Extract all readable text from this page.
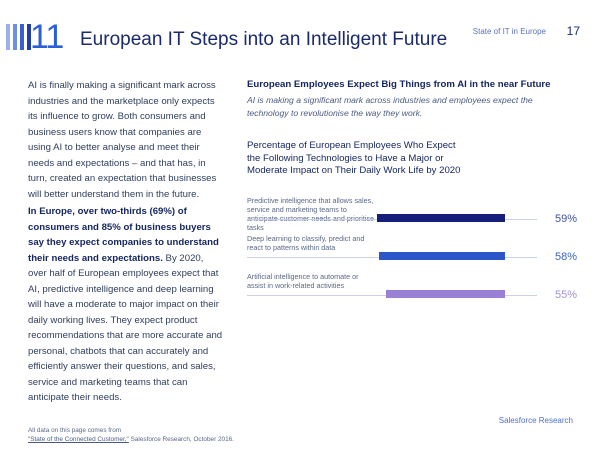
11 European IT Steps into an Intelligent Future	State of IT in Europe 17

AI is finally making a significant mark across industries and the marketplace only expects its influence to grow. Both consumers and business users know that companies are using AI to better analyse and meet their needs and expectations – and that has, in turn, created an expectation that businesses will better understand them in the future.

In Europe, over two-thirds (69%) of consumers and 85% of business buyers say they expect companies to understand their needs and expectations. By 2020, over half of European employees expect that AI, predictive intelligence and deep learning will have a moderate to major impact on their daily working lives. They expect product recommendations that are more accurate and personal, chatbots that can accurately and efficiently answer their questions, and sales, service and marketing teams that can anticipate their needs.

European Employees Expect Big Things from AI in the near Future
AI is making a significant mark across industries and employees expect the technology to revolutionise the way they work.
Percentage of European Employees Who Expect the Following Technologies to Have a Major or Moderate Impact on Their Daily Work Life by 2020
Predictive intelligence that allows sales, service and marketing teams to tasks
59%
Deep learning to classify, predict and react to patterns within data
58%
Artificial intelligence to automate or assist in work-related activities
55%
Salesforce Research
All data on this page comes from
"State of the Connected Customer," Salesforce Research, October 2016.
